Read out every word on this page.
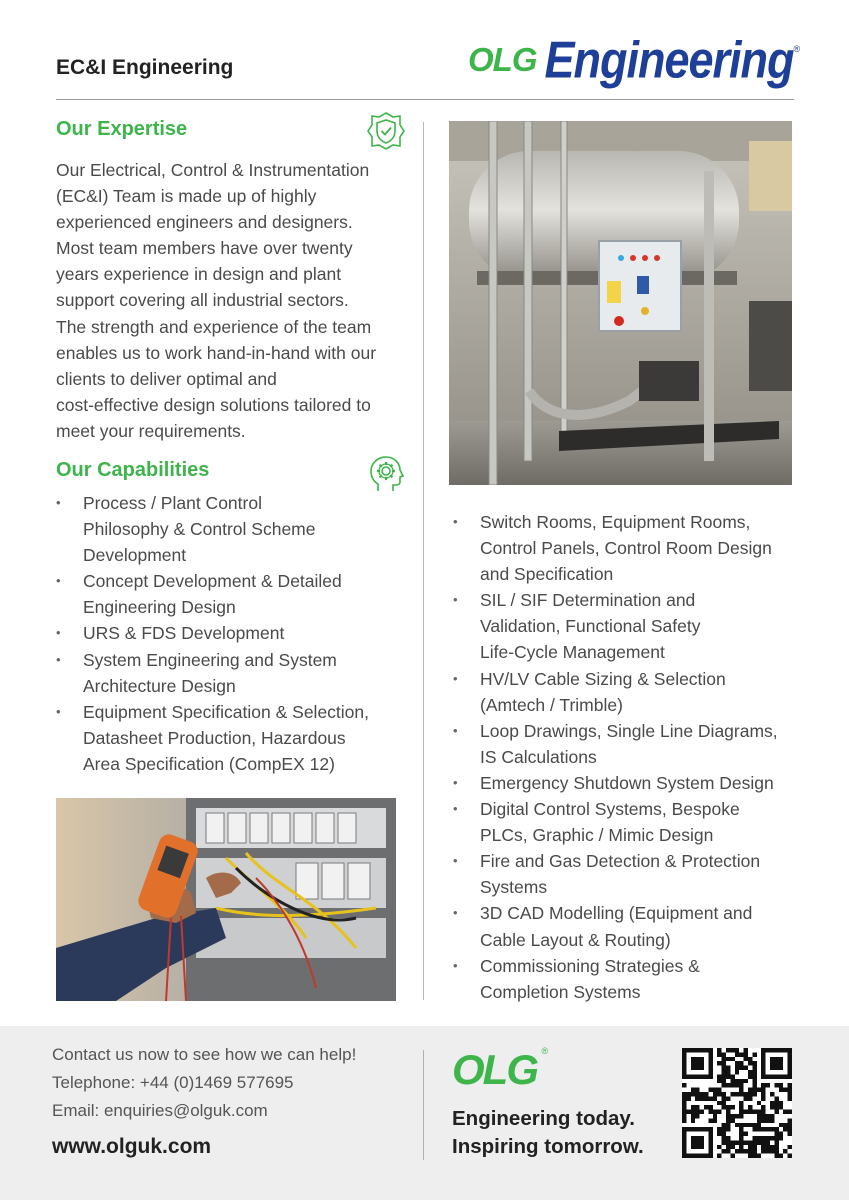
EC&I Engineering	OLG Engineering ®
Our Expertise
Our Electrical, Control & Instrumentation
(EC&I) Team is made up of highly
experienced engineers and designers.
Most team members have over twenty
years experience in design and plant
support covering all industrial sectors.
The strength and experience of the team
enables us to work hand-in-hand with our
clients to deliver optimal and
cost-effective design solutions tailored to
meet your requirements.
Our Capabilities
• Process / Plant Control
Philosophy & Control Scheme
Development
• Concept Development & Detailed
Engineering Design
• URS & FDS Development
• System Engineering and System
Architecture Design
• Equipment Specification & Selection,
Datasheet Production, Hazardous
Area Specification (CompEX 12)
• Switch Rooms, Equipment Rooms,
Control Panels, Control Room Design
and Specification
• SIL / SIF Determination and
Validation, Functional Safety
Life-Cycle Management
• HV/LV Cable Sizing & Selection
(Amtech / Trimble)
• Loop Drawings, Single Line Diagrams,
IS Calculations
• Emergency Shutdown System Design
• Digital Control Systems, Bespoke
PLCs, Graphic / Mimic Design
• Fire and Gas Detection & Protection
Systems
• 3D CAD Modelling (Equipment and
Cable Layout & Routing)
• Commissioning Strategies &
Completion Systems
Contact us now to see how we can help!
Telephone: +44 (0)1469 577695
Email: enquiries@olguk.com
www.olguk.com
OLG ®
Engineering today.
Inspiring tomorrow.
